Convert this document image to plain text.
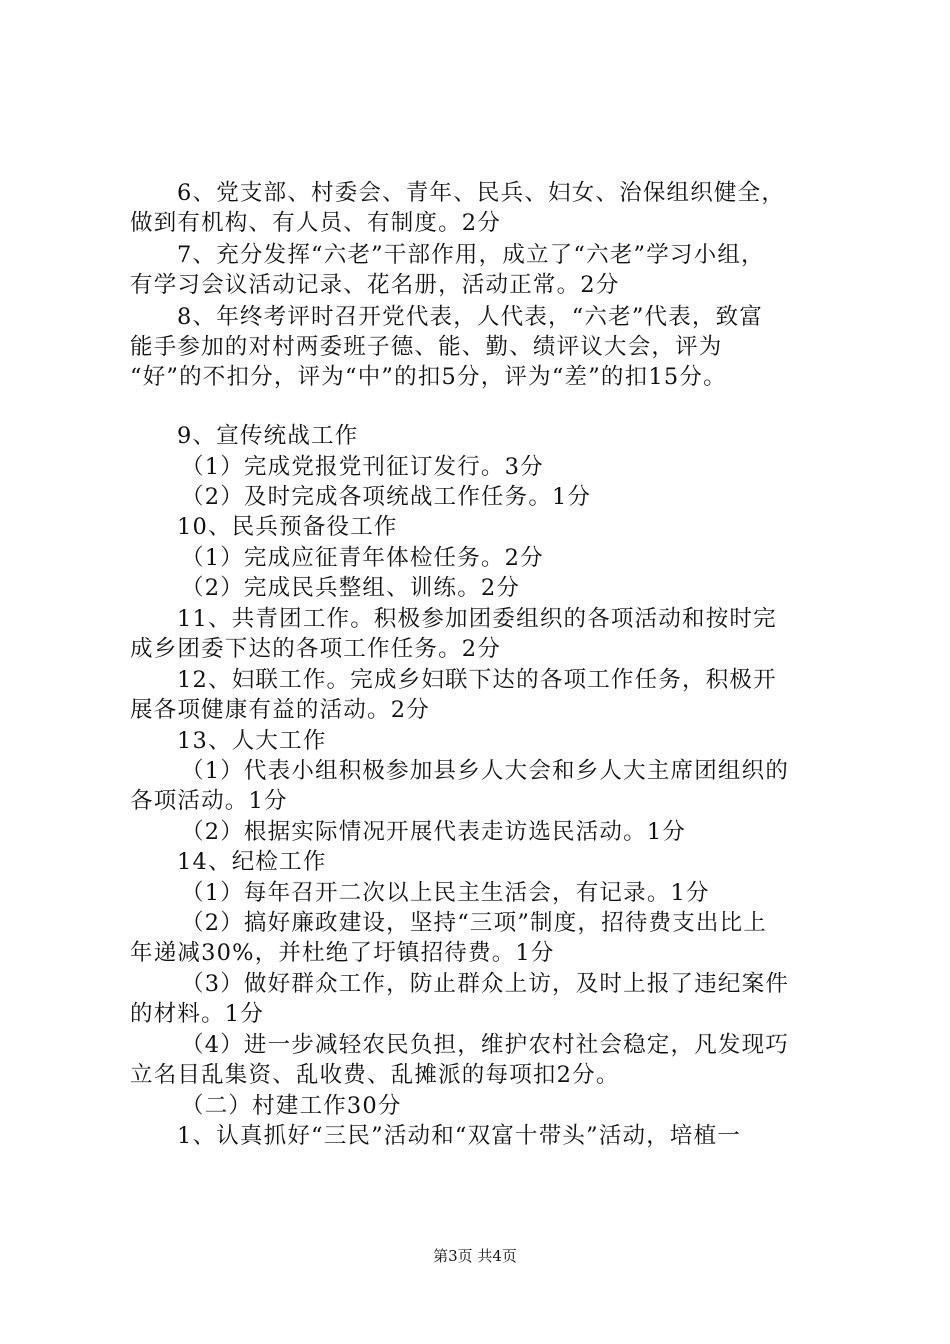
6、党支部、村委会、青年、民兵、妇女、治保组织健全，
做到有机构、有人员、有制度。2分
7、充分发挥“六老”干部作用，成立了“六老”学习小组，
有学习会议活动记录、花名册，活动正常。2分
8、年终考评时召开党代表，人代表，“六老”代表，致富
能手参加的对村两委班子德、能、勤、绩评议大会，评为
“好”的不扣分，评为“中”的扣5分，评为“差”的扣15分。
9、宣传统战工作
（1）完成党报党刊征订发行。3分
（2）及时完成各项统战工作任务。1分
10、民兵预备役工作
（1）完成应征青年体检任务。2分
（2）完成民兵整组、训练。2分
11、共青团工作。积极参加团委组织的各项活动和按时完
成乡团委下达的各项工作任务。2分
12、妇联工作。完成乡妇联下达的各项工作任务，积极开
展各项健康有益的活动。2分
13、人大工作
（1）代表小组积极参加县乡人大会和乡人大主席团组织的
各项活动。1分
（2）根据实际情况开展代表走访选民活动。1分
14、纪检工作
（1）每年召开二次以上民主生活会，有记录。1分
（2）搞好廉政建设，坚持“三项”制度，招待费支出比上
年递减30%，并杜绝了圩镇招待费。1分
（3）做好群众工作，防止群众上访，及时上报了违纪案件
的材料。1分
（4）进一步减轻农民负担，维护农村社会稳定，凡发现巧
立名目乱集资、乱收费、乱摊派的每项扣2分。
（二）村建工作30分
1、认真抓好“三民”活动和“双富十带头”活动，培植一
第3页 共4页
